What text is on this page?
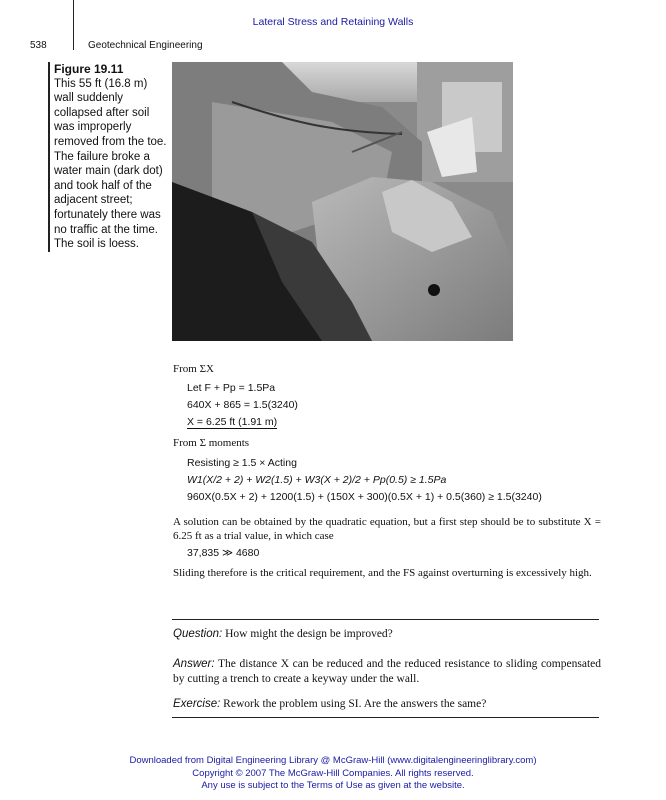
Lateral Stress and Retaining Walls
538	Geotechnical Engineering
Figure 19.11
This 55 ft (16.8 m) wall suddenly collapsed after soil was improperly removed from the toe. The failure broke a water main (dark dot) and took half of the adjacent street; fortunately there was no traffic at the time. The soil is loess.
From ΣX
Let F + Pp = 1.5Pa
640X + 865 = 1.5(3240)
X = 6.25 ft (1.91 m)
From Σ moments
Resisting ≥ 1.5 × Acting
W1(X/2 + 2) + W2(1.5) + W3(X + 2)/2 + Pp(0.5) ≥ 1.5Pa
960X(0.5X + 2) + 1200(1.5) + (150X + 300)(0.5X + 1) + 0.5(360) ≥ 1.5(3240)
A solution can be obtained by the quadratic equation, but a first step should be to substitute X = 6.25 ft as a trial value, in which case
37,835 ≫ 4680
Sliding therefore is the critical requirement, and the FS against overturning is excessively high.
Question: How might the design be improved?
Answer: The distance X can be reduced and the reduced resistance to sliding compensated by cutting a trench to create a keyway under the wall.
Exercise: Rework the problem using SI. Are the answers the same?
Downloaded from Digital Engineering Library @ McGraw-Hill (www.digitalengineeringlibrary.com)
Copyright © 2007 The McGraw-Hill Companies. All rights reserved.
Any use is subject to the Terms of Use as given at the website.
